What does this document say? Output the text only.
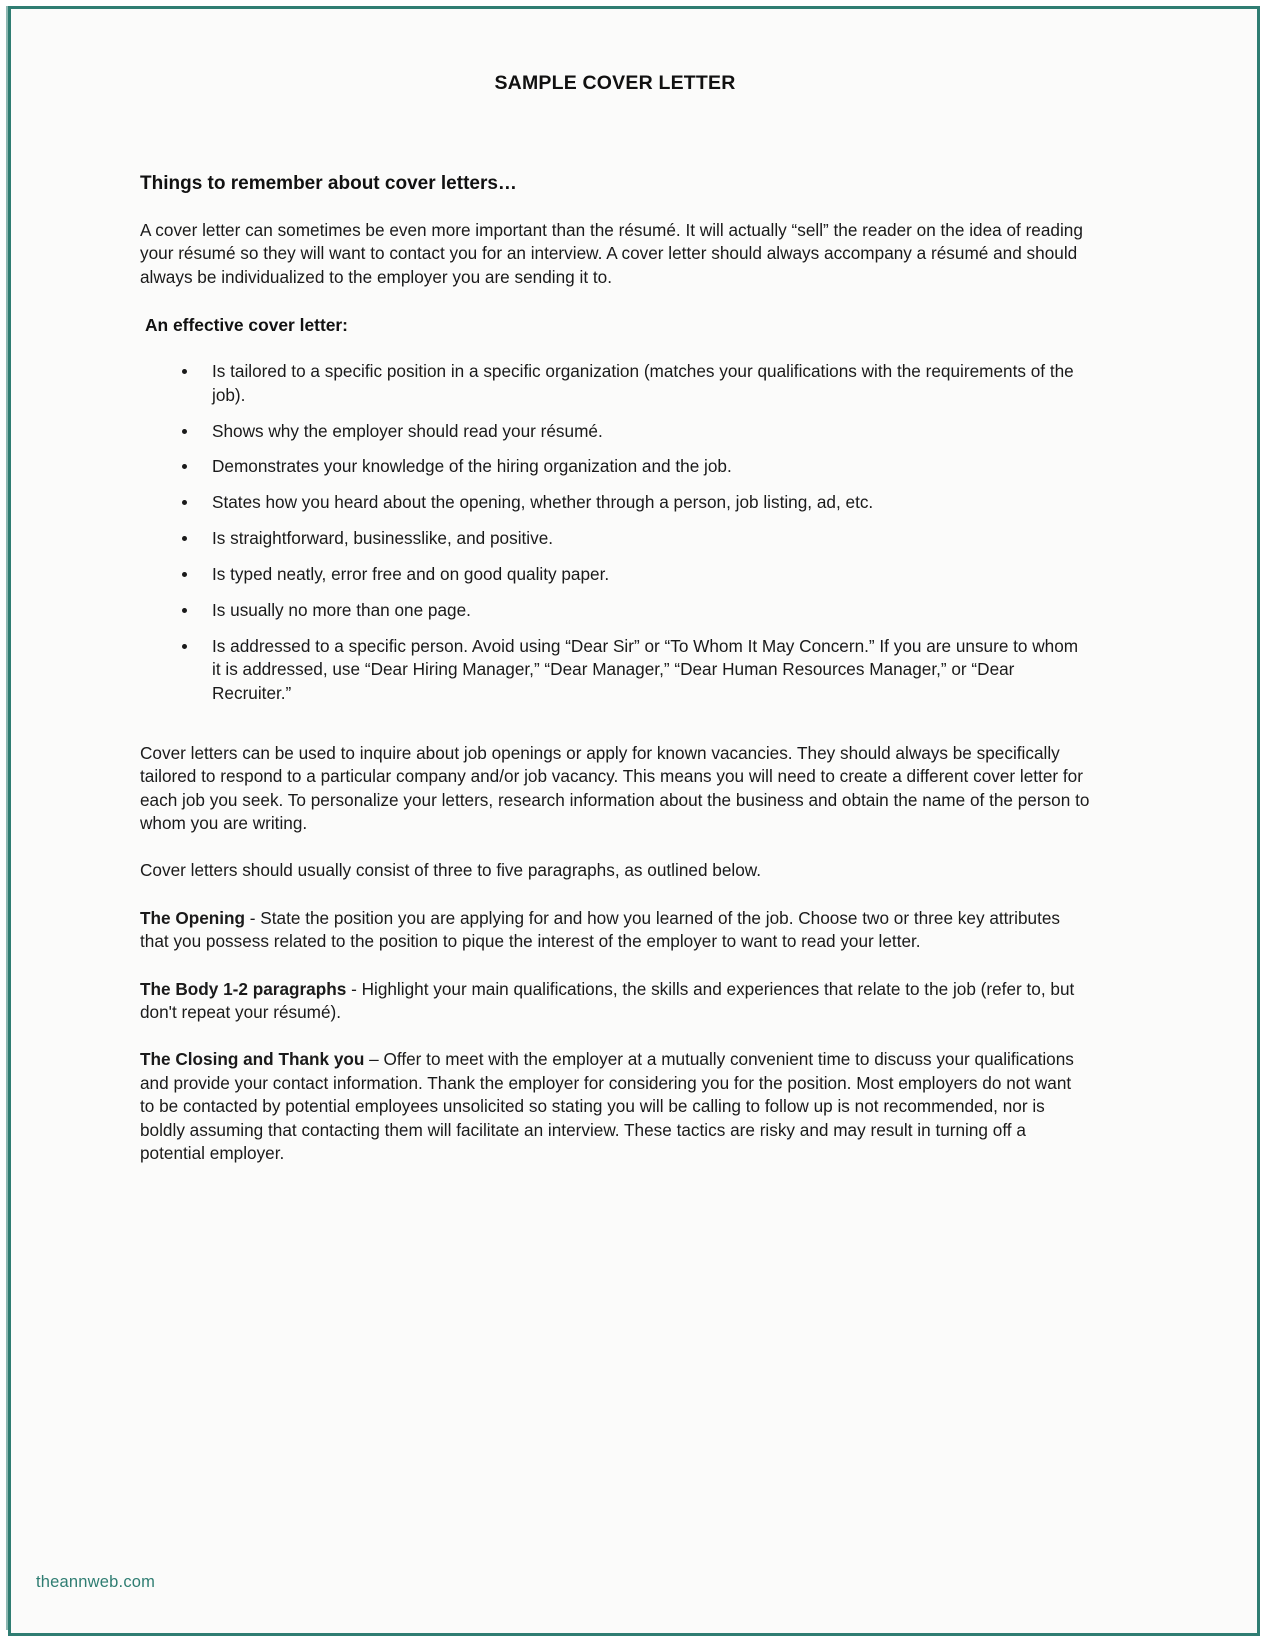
SAMPLE COVER LETTER
Things to remember about cover letters…

A cover letter can sometimes be even more important than the résumé. It will actually “sell” the reader on the idea of reading your résumé so they will want to contact you for an interview. A cover letter should always accompany a résumé and should always be individualized to the employer you are sending it to.

An effective cover letter:

Is tailored to a specific position in a specific organization (matches your qualifications with the requirements of the job).
Shows why the employer should read your résumé.
Demonstrates your knowledge of the hiring organization and the job.
States how you heard about the opening, whether through a person, job listing, ad, etc.
Is straightforward, businesslike, and positive.
Is typed neatly, error free and on good quality paper.
Is usually no more than one page.
Is addressed to a specific person. Avoid using “Dear Sir” or “To Whom It May Concern.” If you are unsure to whom it is addressed, use “Dear Hiring Manager,” “Dear Manager,” “Dear Human Resources Manager,” or “Dear Recruiter.”

Cover letters can be used to inquire about job openings or apply for known vacancies. They should always be specifically tailored to respond to a particular company and/or job vacancy. This means you will need to create a different cover letter for each job you seek. To personalize your letters, research information about the business and obtain the name of the person to whom you are writing.

Cover letters should usually consist of three to five paragraphs, as outlined below.

The Opening - State the position you are applying for and how you learned of the job. Choose two or three key attributes that you possess related to the position to pique the interest of the employer to want to read your letter.

The Body 1-2 paragraphs - Highlight your main qualifications, the skills and experiences that relate to the job (refer to, but don't repeat your résumé).

The Closing and Thank you – Offer to meet with the employer at a mutually convenient time to discuss your qualifications and provide your contact information. Thank the employer for considering you for the position. Most employers do not want to be contacted by potential employees unsolicited so stating you will be calling to follow up is not recommended, nor is boldly assuming that contacting them will facilitate an interview. These tactics are risky and may result in turning off a potential employer.

theannweb.com
